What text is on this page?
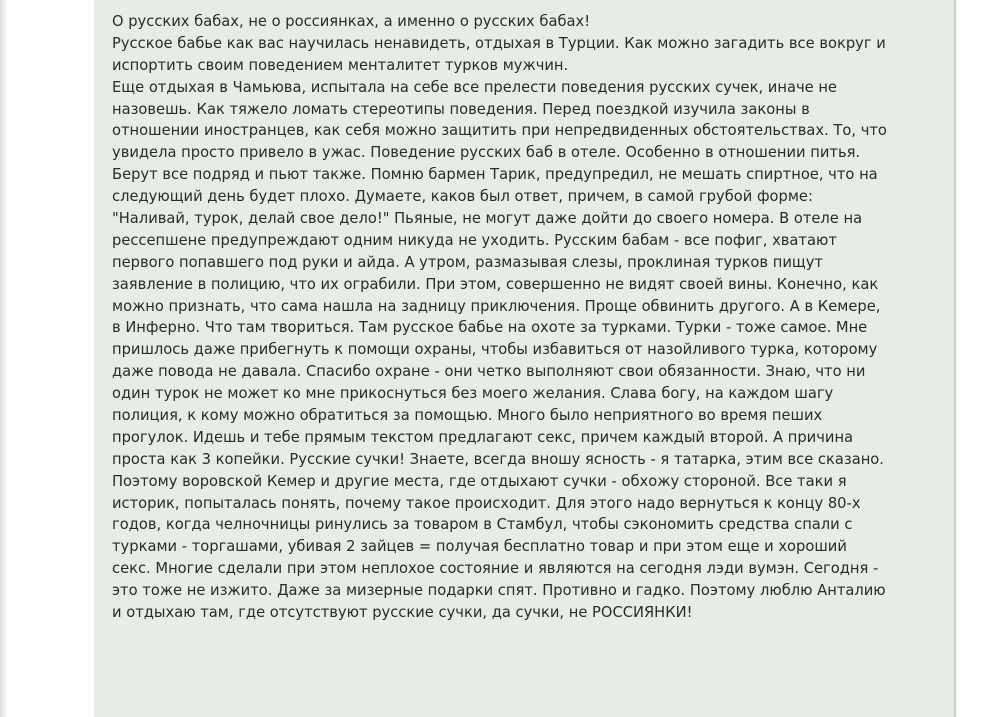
О русских бабах, не о россиянках, а именно о русских бабах!
Русское бабье как вас научилась ненавидеть, отдыхая в Турции. Как можно загадить все вокруг и
испортить своим поведением менталитет турков мужчин.
Еще отдыхая в Чамьюва, испытала на себе все прелести поведения русских сучек, иначе не
назовешь. Как тяжело ломать стереотипы поведения. Перед поездкой изучила законы в
отношении иностранцев, как себя можно защитить при непредвиденных обстоятельствах. То, что
увидела просто привело в ужас. Поведение русских баб в отеле. Особенно в отношении питья.
Берут все подряд и пьют также. Помню бармен Тарик, предупредил, не мешать спиртное, что на
следующий день будет плохо. Думаете, каков был ответ, причем, в самой грубой форме:
"Наливай, турок, делай свое дело!" Пьяные, не могут даже дойти до своего номера. В отеле на
рессепшене предупреждают одним никуда не уходить. Русским бабам - все пофиг, хватают
первого попавшего под руки и айда. А утром, размазывая слезы, проклиная турков пищут
заявление в полицию, что их ограбили. При этом, совершенно не видят своей вины. Конечно, как
можно признать, что сама нашла на задницу приключения. Проще обвинить другого. А в Кемере,
в Инферно. Что там твориться. Там русское бабье на охоте за турками. Турки - тоже самое. Мне
пришлось даже прибегнуть к помощи охраны, чтобы избавиться от назойливого турка, которому
даже повода не давала. Спасибо охране - они четко выполняют свои обязанности. Знаю, что ни
один турок не может ко мне прикоснуться без моего желания. Слава богу, на каждом шагу
полиция, к кому можно обратиться за помощью. Много было неприятного во время пеших
прогулок. Идешь и тебе прямым текстом предлагают секс, причем каждый второй. А причина
проста как 3 копейки. Русские сучки! Знаете, всегда вношу ясность - я татарка, этим все сказано.
Поэтому воровской Кемер и другие места, где отдыхают сучки - обхожу стороной. Все таки я
историк, попыталась понять, почему такое происходит. Для этого надо вернуться к концу 80-х
годов, когда челночницы ринулись за товаром в Стамбул, чтобы сэкономить средства спали с
турками - торгашами, убивая 2 зайцев = получая бесплатно товар и при этом еще и хороший
секс. Многие сделали при этом неплохое состояние и являются на сегодня лэди вумэн. Сегодня -
это тоже не изжито. Даже за мизерные подарки спят. Противно и гадко. Поэтому люблю Анталию
и отдыхаю там, где отсутствуют русские сучки, да сучки, не РОССИЯНКИ!
